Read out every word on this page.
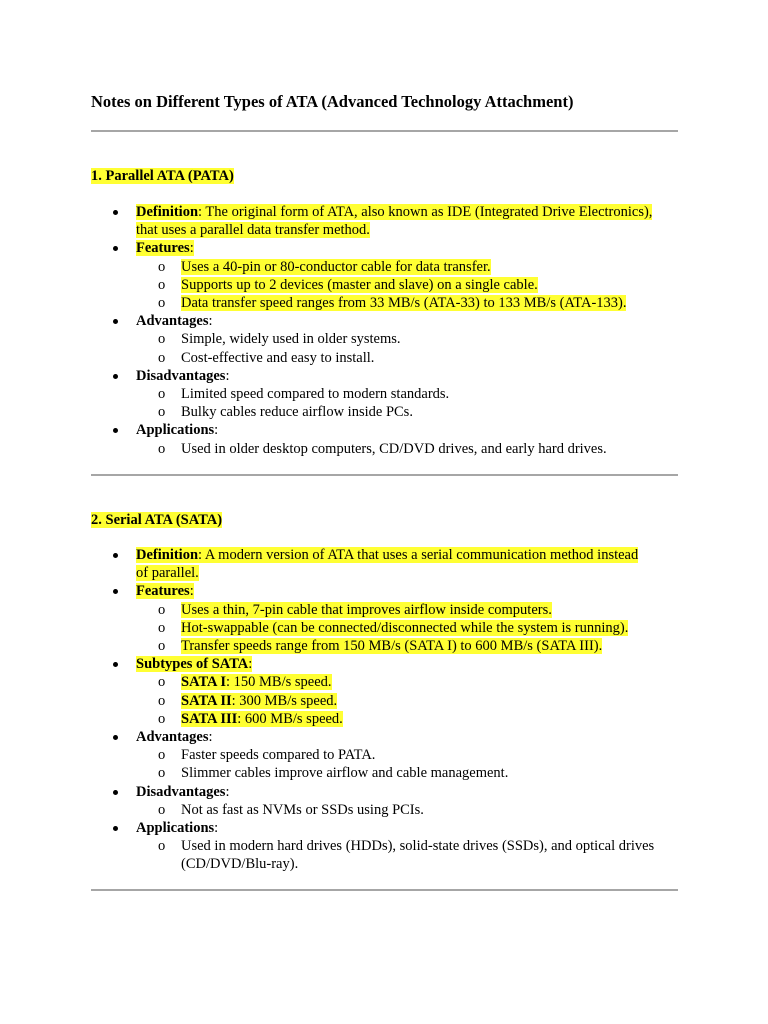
Notes on Different Types of ATA (Advanced Technology Attachment)
1. Parallel ATA (PATA)
Definition: The original form of ATA, also known as IDE (Integrated Drive Electronics),
that uses a parallel data transfer method.
Features:
o Uses a 40-pin or 80-conductor cable for data transfer.
o Supports up to 2 devices (master and slave) on a single cable.
o Data transfer speed ranges from 33 MB/s (ATA-33) to 133 MB/s (ATA-133).
Advantages:
o Simple, widely used in older systems.
o Cost-effective and easy to install.
Disadvantages:
o Limited speed compared to modern standards.
o Bulky cables reduce airflow inside PCs.
Applications:
o Used in older desktop computers, CD/DVD drives, and early hard drives.
2. Serial ATA (SATA)
Definition: A modern version of ATA that uses a serial communication method instead
of parallel.
Features:
o Uses a thin, 7-pin cable that improves airflow inside computers.
o Hot-swappable (can be connected/disconnected while the system is running).
o Transfer speeds range from 150 MB/s (SATA I) to 600 MB/s (SATA III).
Subtypes of SATA:
o SATA I: 150 MB/s speed.
o SATA II: 300 MB/s speed.
o SATA III: 600 MB/s speed.
Advantages:
o Faster speeds compared to PATA.
o Slimmer cables improve airflow and cable management.
Disadvantages:
o Not as fast as NVMs or SSDs using PCIs.
Applications:
o Used in modern hard drives (HDDs), solid-state drives (SSDs), and optical drives
(CD/DVD/Blu-ray).
